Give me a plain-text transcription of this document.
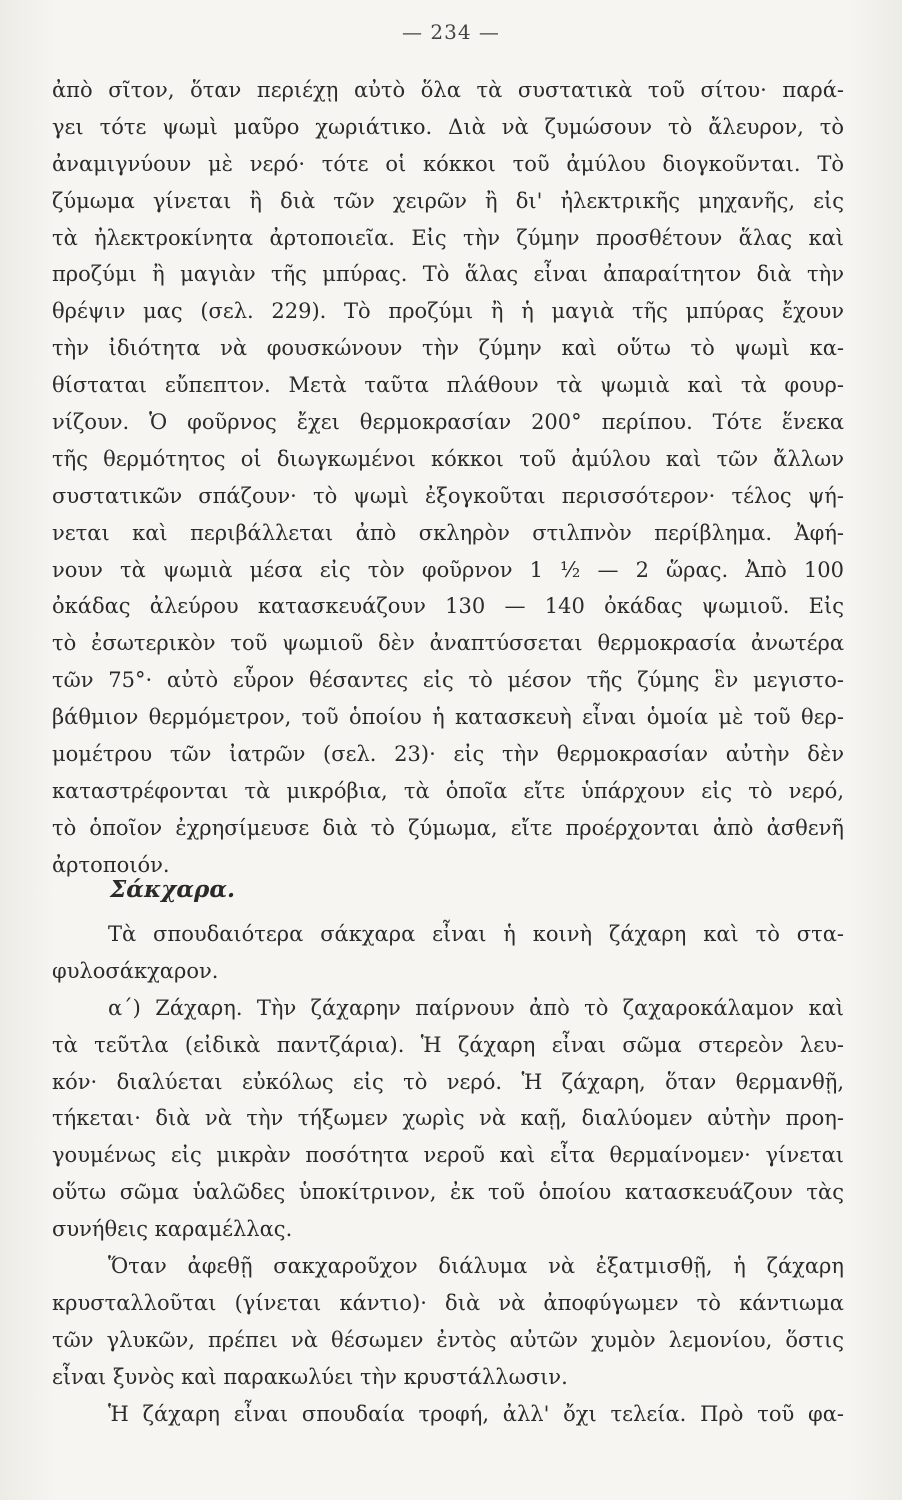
— 234 —
ἀπὸ σῖτον, ὅταν περιέχῃ αὐτὸ ὅλα τὰ συστατικὰ τοῦ σίτου· παρά-
γει τότε ψωμὶ μαῦρο χωριάτικο. Διὰ νὰ ζυμώσουν τὸ ἄλευρον, τὸ
ἀναμιγνύουν μὲ νερό· τότε οἱ κόκκοι τοῦ ἀμύλου διογκοῦνται. Τὸ
ζύμωμα γίνεται ἢ διὰ τῶν χειρῶν ἢ δι' ἠλεκτρικῆς μηχανῆς, εἰς
τὰ ἠλεκτροκίνητα ἀρτοποιεῖα. Εἰς τὴν ζύμην προσθέτουν ἅλας καὶ
προζύμι ἢ μαγιὰν τῆς μπύρας. Τὸ ἅλας εἶναι ἀπαραίτητον διὰ τὴν
θρέψιν μας (σελ. 229). Τὸ προζύμι ἢ ἡ μαγιὰ τῆς μπύρας ἔχουν
τὴν ἰδιότητα νὰ φουσκώνουν τὴν ζύμην καὶ οὕτω τὸ ψωμὶ κα-
θίσταται εὔπεπτον. Μετὰ ταῦτα πλάθουν τὰ ψωμιὰ καὶ τὰ φουρ-
νίζουν. Ὁ φοῦρνος ἔχει θερμοκρασίαν 200° περίπου. Τότε ἕνεκα
τῆς θερμότητος οἱ διωγκωμένοι κόκκοι τοῦ ἀμύλου καὶ τῶν ἄλλων
συστατικῶν σπάζουν· τὸ ψωμὶ ἐξογκοῦται περισσότερον· τέλος ψή-
νεται καὶ περιβάλλεται ἀπὸ σκληρὸν στιλπνὸν περίβλημα. Ἀφή-
νουν τὰ ψωμιὰ μέσα εἰς τὸν φοῦρνον 1 ½ — 2 ὥρας. Ἀπὸ 100
ὀκάδας ἀλεύρου κατασκευάζουν 130 — 140 ὀκάδας ψωμιοῦ. Εἰς
τὸ ἐσωτερικὸν τοῦ ψωμιοῦ δὲν ἀναπτύσσεται θερμοκρασία ἀνωτέρα
τῶν 75°· αὐτὸ εὗρον θέσαντες εἰς τὸ μέσον τῆς ζύμης ἓν μεγιστο-
βάθμιον θερμόμετρον, τοῦ ὁποίου ἡ κατασκευὴ εἶναι ὁμοία μὲ τοῦ θερ-
μομέτρου τῶν ἰατρῶν (σελ. 23)· εἰς τὴν θερμοκρασίαν αὐτὴν δὲν
καταστρέφονται τὰ μικρόβια, τὰ ὁποῖα εἴτε ὑπάρχουν εἰς τὸ νερό,
τὸ ὁποῖον ἐχρησίμευσε διὰ τὸ ζύμωμα, εἴτε προέρχονται ἀπὸ ἀσθενῆ
ἀρτοποιόν.
Σάκχαρα.
Τὰ σπουδαιότερα σάκχαρα εἶναι ἡ κοινὴ ζάχαρη καὶ τὸ στα-
φυλοσάκχαρον.
α΄) Ζάχαρη. Τὴν ζάχαρην παίρνουν ἀπὸ τὸ ζαχαροκάλαμον καὶ
τὰ τεῦτλα (εἰδικὰ παντζάρια). Ἡ ζάχαρη εἶναι σῶμα στερεὸν λευ-
κόν· διαλύεται εὐκόλως εἰς τὸ νερό. Ἡ ζάχαρη, ὅταν θερμανθῇ,
τήκεται· διὰ νὰ τὴν τήξωμεν χωρὶς νὰ καῇ, διαλύομεν αὐτὴν προη-
γουμένως εἰς μικρὰν ποσότητα νεροῦ καὶ εἶτα θερμαίνομεν· γίνεται
οὕτω σῶμα ὑαλῶδες ὑποκίτρινον, ἐκ τοῦ ὁποίου κατασκευάζουν τὰς
συνήθεις καραμέλλας.
Ὅταν ἀφεθῇ σακχαροῦχον διάλυμα νὰ ἐξατμισθῇ, ἡ ζάχαρη
κρυσταλλοῦται (γίνεται κάντιο)· διὰ νὰ ἀποφύγωμεν τὸ κάντιωμα
τῶν γλυκῶν, πρέπει νὰ θέσωμεν ἐντὸς αὐτῶν χυμὸν λεμονίου, ὅστις
εἶναι ξυνὸς καὶ παρακωλύει τὴν κρυστάλλωσιν.
Ἡ ζάχαρη εἶναι σπουδαία τροφή, ἀλλ' ὄχι τελεία. Πρὸ τοῦ φα-
